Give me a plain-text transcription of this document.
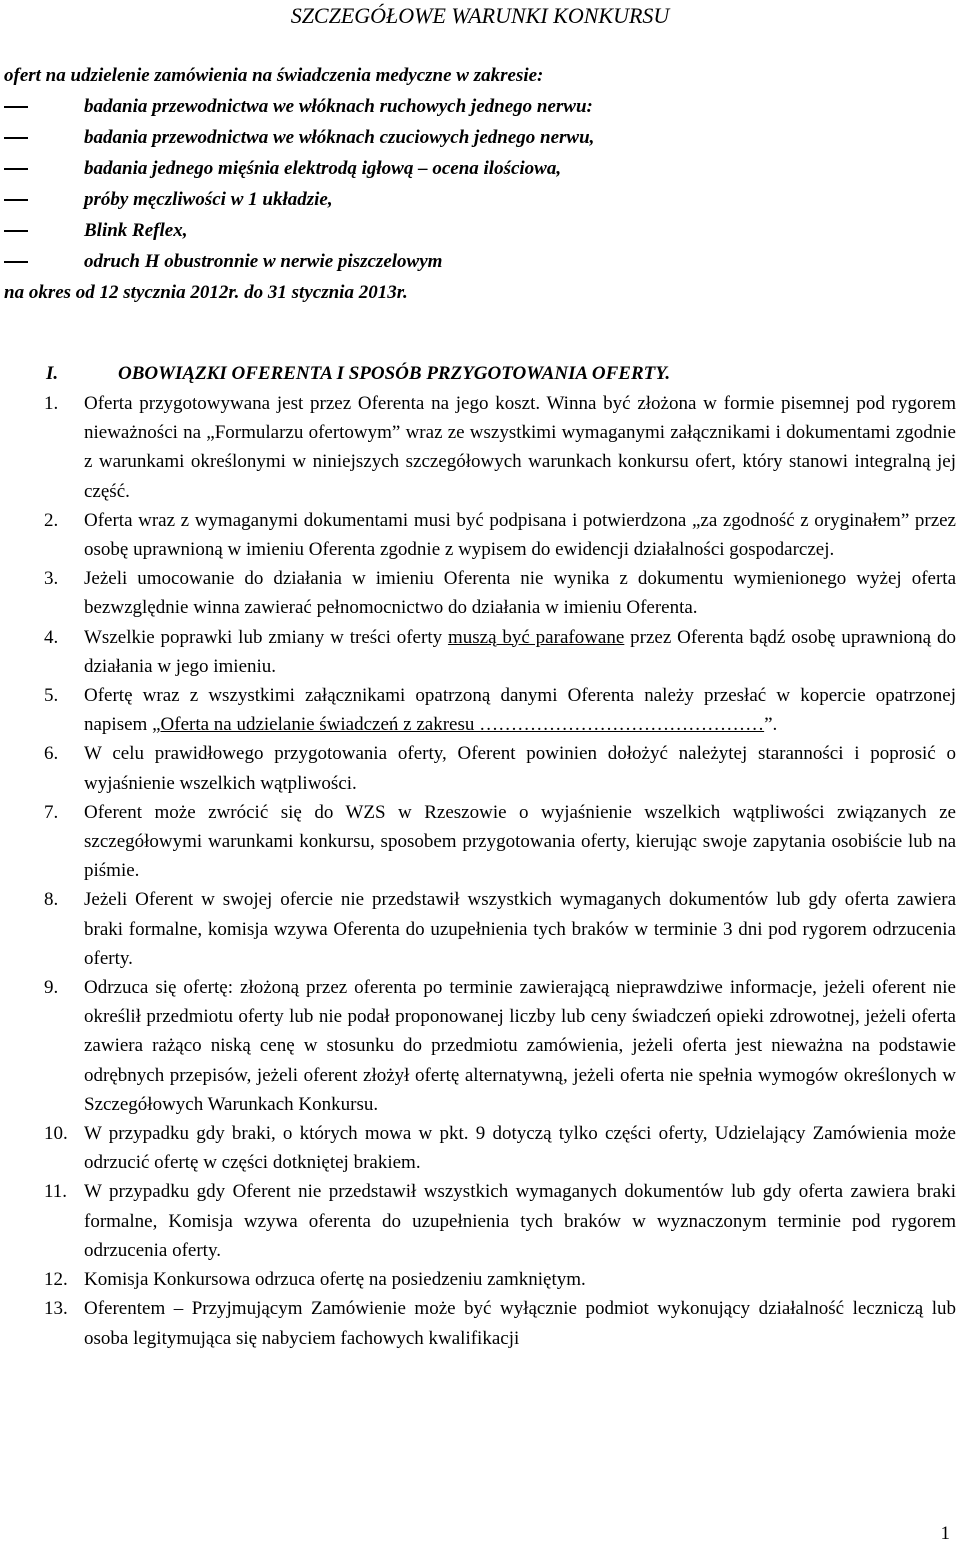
SZCZEGÓŁOWE WARUNKI KONKURSU
ofert na udzielenie zamówienia na świadczenia medyczne w zakresie:
badania przewodnictwa we włóknach ruchowych jednego nerwu:
badania przewodnictwa we włóknach czuciowych jednego nerwu,
badania jednego mięśnia elektrodą igłową – ocena ilościowa,
próby męczliwości w 1 układzie,
Blink Reflex,
odruch H obustronnie w nerwie piszczelowym
na okres od 12 stycznia 2012r. do 31 stycznia 2013r.
I.	OBOWIĄZKI OFERENTA I SPOSÓB PRZYGOTOWANIA OFERTY.
1. Oferta przygotowywana jest przez Oferenta na jego koszt. Winna być złożona w formie pisemnej pod rygorem nieważności na „Formularzu ofertowym” wraz ze wszystkimi wymaganymi załącznikami i dokumentami zgodnie z warunkami określonymi w niniejszych szczegółowych warunkach konkursu ofert, który stanowi integralną jej część.
2. Oferta wraz z wymaganymi dokumentami musi być podpisana i potwierdzona „za zgodność z oryginałem” przez osobę uprawnioną w imieniu Oferenta zgodnie z wypisem do ewidencji działalności gospodarczej.
3. Jeżeli umocowanie do działania w imieniu Oferenta nie wynika z dokumentu wymienionego wyżej oferta bezwzględnie winna zawierać pełnomocnictwo do działania w imieniu Oferenta.
4. Wszelkie poprawki lub zmiany w treści oferty muszą być parafowane przez Oferenta bądź osobę uprawnioną do działania w jego imieniu.
5. Ofertę wraz z wszystkimi załącznikami opatrzoną danymi Oferenta należy przesłać w kopercie opatrzonej napisem „Oferta na udzielanie świadczeń z zakresu ………………………………………”.
6. W celu prawidłowego przygotowania oferty, Oferent powinien dołożyć należytej staranności i poprosić o wyjaśnienie wszelkich wątpliwości.
7. Oferent może zwrócić się do WZS w Rzeszowie o wyjaśnienie wszelkich wątpliwości związanych ze szczegółowymi warunkami konkursu, sposobem przygotowania oferty, kierując swoje zapytania osobiście lub na piśmie.
8. Jeżeli Oferent w swojej ofercie nie przedstawił wszystkich wymaganych dokumentów lub gdy oferta zawiera braki formalne, komisja wzywa Oferenta do uzupełnienia tych braków w terminie 3 dni pod rygorem odrzucenia oferty.
9. Odrzuca się ofertę: złożoną przez oferenta po terminie zawierającą nieprawdziwe informacje, jeżeli oferent nie określił przedmiotu oferty lub nie podał proponowanej liczby lub ceny świadczeń opieki zdrowotnej, jeżeli oferta zawiera rażąco niską cenę w stosunku do przedmiotu zamówienia, jeżeli oferta jest nieważna na podstawie odrębnych przepisów, jeżeli oferent złożył ofertę alternatywną, jeżeli oferta nie spełnia wymogów określonych w Szczegółowych Warunkach Konkursu.
10. W przypadku gdy braki, o których mowa w pkt. 9 dotyczą tylko części oferty, Udzielający Zamówienia może odrzucić ofertę w części dotkniętej brakiem.
11. W przypadku gdy Oferent nie przedstawił wszystkich wymaganych dokumentów lub gdy oferta zawiera braki formalne, Komisja wzywa oferenta do uzupełnienia tych braków w wyznaczonym terminie pod rygorem odrzucenia oferty.
12. Komisja Konkursowa odrzuca ofertę na posiedzeniu zamkniętym.
13. Oferentem – Przyjmującym Zamówienie może być wyłącznie podmiot wykonujący działalność leczniczą lub osoba legitymująca się nabyciem fachowych kwalifikacji
1
